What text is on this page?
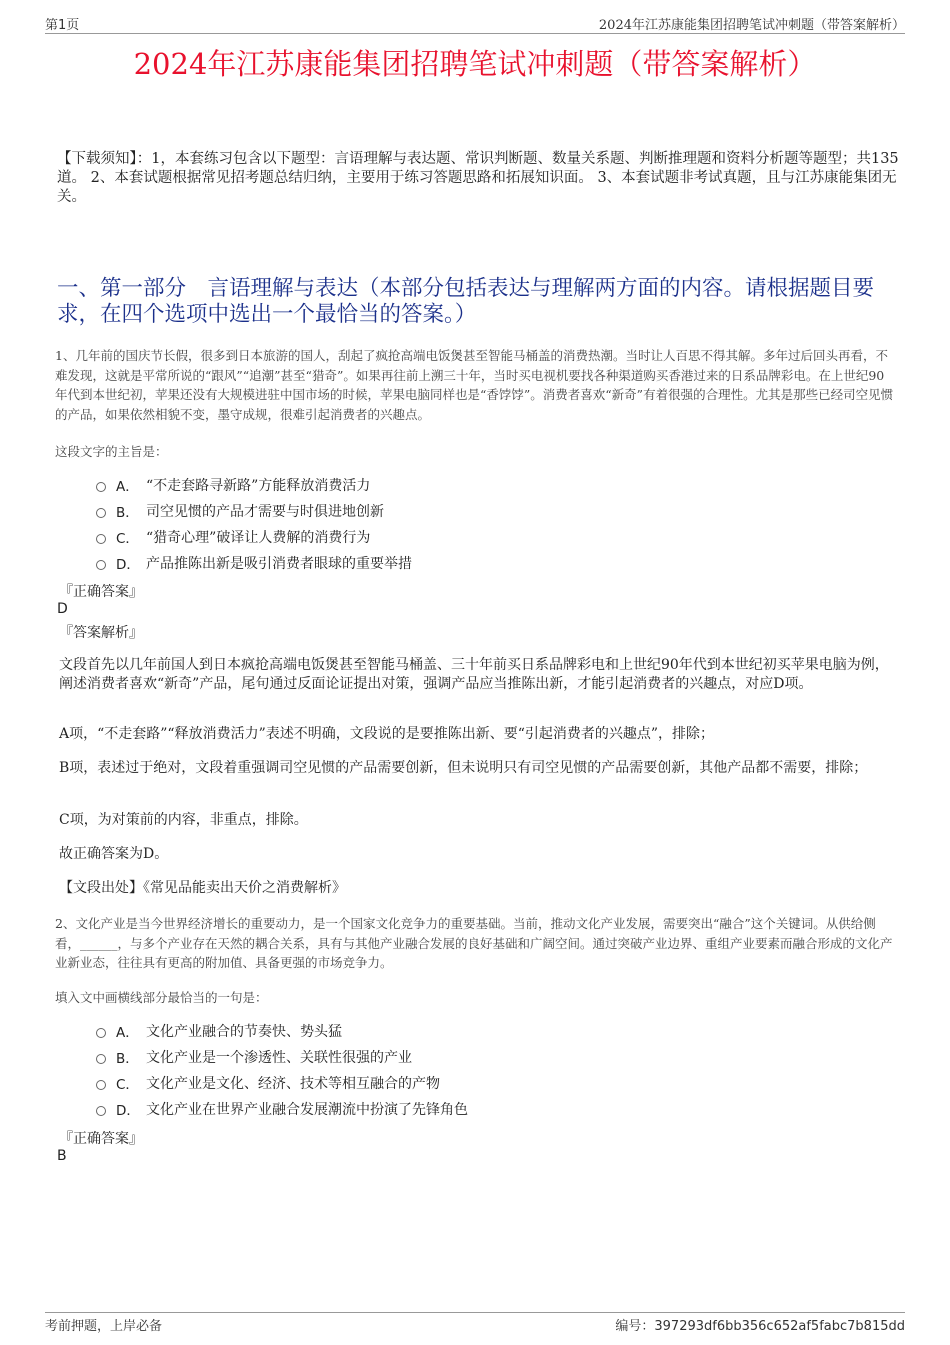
第1页	2024年江苏康能集团招聘笔试冲刺题（带答案解析）
2024年江苏康能集团招聘笔试冲刺题（带答案解析）
【下载须知】：1，本套练习包含以下题型：言语理解与表达题、常识判断题、数量关系题、判断推理题和资料分析题等题型；共135道。 2、本套试题根据常见招考题总结归纳，主要用于练习答题思路和拓展知识面。 3、本套试题非考试真题，且与江苏康能集团无关。
一、第一部分　言语理解与表达（本部分包括表达与理解两方面的内容。请根据题目要求，在四个选项中选出一个最恰当的答案。）
1、几年前的国庆节长假，很多到日本旅游的国人，刮起了疯抢高端电饭煲甚至智能马桶盖的消费热潮。当时让人百思不得其解。多年过后回头再看，不难发现，这就是平常所说的“跟风”“追潮”甚至“猎奇”。如果再往前上溯三十年，当时买电视机要找各种渠道购买香港过来的日系品牌彩电。在上世纪90年代到本世纪初，苹果还没有大规模进驻中国市场的时候，苹果电脑同样也是“香饽饽”。消费者喜欢“新奇”有着很强的合理性。尤其是那些已经司空见惯的产品，如果依然相貌不变，墨守成规，很难引起消费者的兴趣点。
这段文字的主旨是：
A． “不走套路寻新路”方能释放消费活力
B． 司空见惯的产品才需要与时俱进地创新
C． “猎奇心理”破译让人费解的消费行为
D． 产品推陈出新是吸引消费者眼球的重要举措
『正确答案』
D
『答案解析』
文段首先以几年前国人到日本疯抢高端电饭煲甚至智能马桶盖、三十年前买日系品牌彩电和上世纪90年代到本世纪初买苹果电脑为例，阐述消费者喜欢“新奇”产品，尾句通过反面论证提出对策，强调产品应当推陈出新，才能引起消费者的兴趣点，对应D项。
A项，“不走套路”“释放消费活力”表述不明确，文段说的是要推陈出新、要“引起消费者的兴趣点”，排除；
B项，表述过于绝对，文段着重强调司空见惯的产品需要创新，但未说明只有司空见惯的产品需要创新，其他产品都不需要，排除；
C项，为对策前的内容，非重点，排除。
故正确答案为D。
【文段出处】《常见品能卖出天价之消费解析》
2、文化产业是当今世界经济增长的重要动力，是一个国家文化竞争力的重要基础。当前，推动文化产业发展，需要突出“融合”这个关键词。从供给侧看，______，与多个产业存在天然的耦合关系，具有与其他产业融合发展的良好基础和广阔空间。通过突破产业边界、重组产业要素而融合形成的文化产业新业态，往往具有更高的附加值、具备更强的市场竞争力。
填入文中画横线部分最恰当的一句是：
A． 文化产业融合的节奏快、势头猛
B． 文化产业是一个渗透性、关联性很强的产业
C． 文化产业是文化、经济、技术等相互融合的产物
D． 文化产业在世界产业融合发展潮流中扮演了先锋角色
『正确答案』
B
考前押题，上岸必备	编号：397293df6bb356c652af5fabc7b815dd
